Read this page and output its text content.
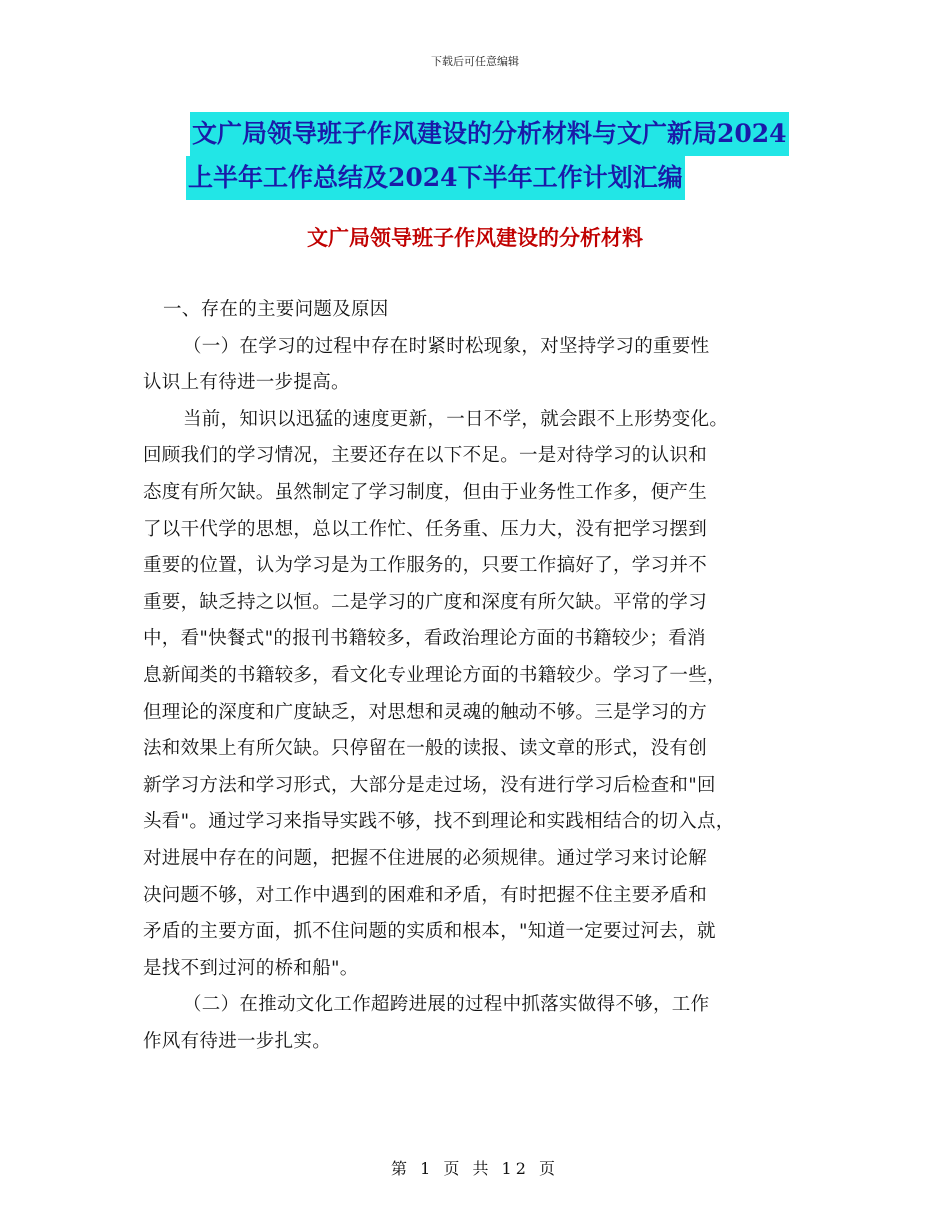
下载后可任意编辑
文广局领导班子作风建设的分析材料与文广新局2024
上半年工作总结及2024下半年工作计划汇编
文广局领导班子作风建设的分析材料

一、存在的主要问题及原因

（一）在学习的过程中存在时紧时松现象，对坚持学习的重要性

认识上有待进一步提高。

当前，知识以迅猛的速度更新，一日不学，就会跟不上形势变化。

回顾我们的学习情况，主要还存在以下不足。一是对待学习的认识和

态度有所欠缺。虽然制定了学习制度，但由于业务性工作多，便产生

了以干代学的思想，总以工作忙、任务重、压力大，没有把学习摆到

重要的位置，认为学习是为工作服务的，只要工作搞好了，学习并不

重要，缺乏持之以恒。二是学习的广度和深度有所欠缺。平常的学习

中，看"快餐式"的报刊书籍较多，看政治理论方面的书籍较少；看消

息新闻类的书籍较多，看文化专业理论方面的书籍较少。学习了一些，

但理论的深度和广度缺乏，对思想和灵魂的触动不够。三是学习的方

法和效果上有所欠缺。只停留在一般的读报、读文章的形式，没有创

新学习方法和学习形式，大部分是走过场，没有进行学习后检查和"回

头看"。通过学习来指导实践不够，找不到理论和实践相结合的切入点，

对进展中存在的问题，把握不住进展的必须规律。通过学习来讨论解

决问题不够，对工作中遇到的困难和矛盾，有时把握不住主要矛盾和

矛盾的主要方面，抓不住问题的实质和根本，"知道一定要过河去，就

是找不到过河的桥和船"。

（二）在推动文化工作超跨进展的过程中抓落实做得不够，工作

作风有待进一步扎实。

第 1 页 共 12 页
